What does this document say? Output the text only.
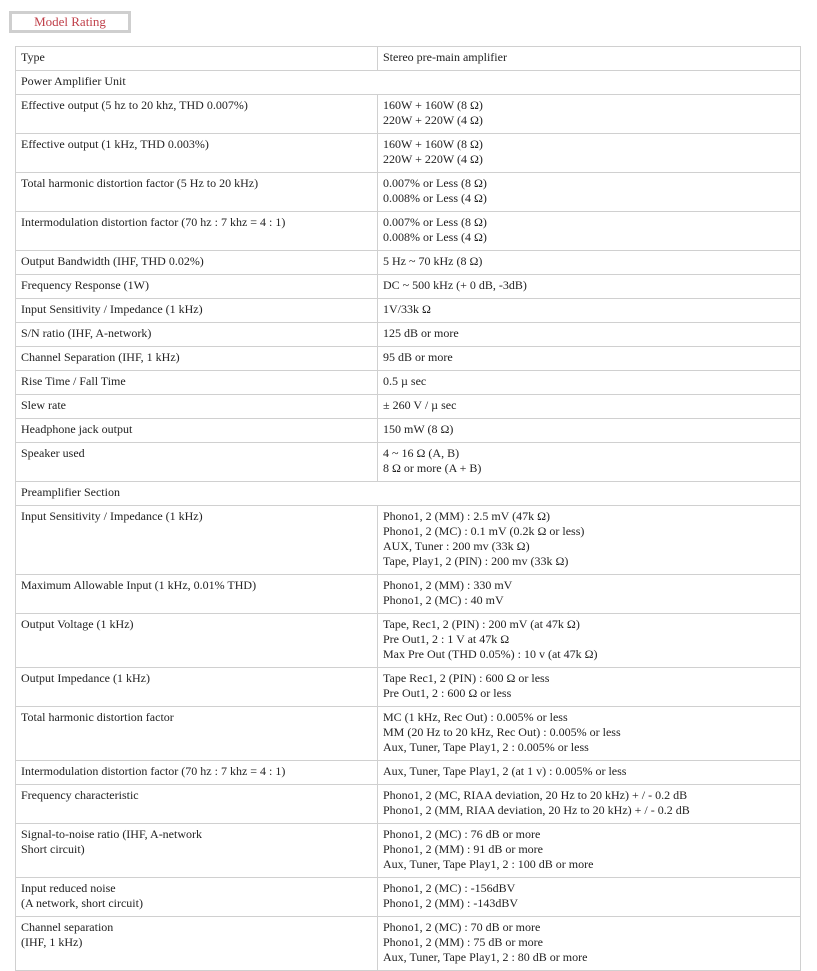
Model Rating
Type	Stereo pre-main amplifier

Power Amplifier Unit	

Effective output (5 hz to 20 khz, THD 0.007%)	160W + 160W (8 Ω)
220W + 220W (4 Ω)

Effective output (1 kHz, THD 0.003%)	160W + 160W (8 Ω)
220W + 220W (4 Ω)

Total harmonic distortion factor (5 Hz to 20 kHz)	0.007% or Less (8 Ω)
0.008% or Less (4 Ω)

Intermodulation distortion factor (70 hz : 7 khz = 4 : 1)	0.007% or Less (8 Ω)
0.008% or Less (4 Ω)

Output Bandwidth (IHF, THD 0.02%)	5 Hz ~ 70 kHz (8 Ω)

Frequency Response (1W)	DC ~ 500 kHz (+ 0 dB, -3dB)

Input Sensitivity / Impedance (1 kHz)	1V/33k Ω

S/N ratio (IHF, A-network)	125 dB or more

Channel Separation (IHF, 1 kHz)	95 dB or more

Rise Time / Fall Time	0.5 µ sec

Slew rate	± 260 V / µ sec

Headphone jack output	150 mW (8 Ω)

Speaker used	4 ~ 16 Ω (A, B)
8 Ω or more (A + B)

Preamplifier Section	

Input Sensitivity / Impedance (1 kHz)	Phono1, 2 (MM) : 2.5 mV (47k Ω)
Phono1, 2 (MC) : 0.1 mV (0.2k Ω or less)
AUX, Tuner : 200 mv (33k Ω)
Tape, Play1, 2 (PIN) : 200 mv (33k Ω)

Maximum Allowable Input (1 kHz, 0.01% THD)	Phono1, 2 (MM) : 330 mV
Phono1, 2 (MC) : 40 mV

Output Voltage (1 kHz)	Tape, Rec1, 2 (PIN) : 200 mV (at 47k Ω)
Pre Out1, 2 : 1 V at 47k Ω
Max Pre Out (THD 0.05%) : 10 v (at 47k Ω)

Output Impedance (1 kHz)	Tape Rec1, 2 (PIN) : 600 Ω or less
Pre Out1, 2 : 600 Ω or less

Total harmonic distortion factor	MC (1 kHz, Rec Out) : 0.005% or less
MM (20 Hz to 20 kHz, Rec Out) : 0.005% or less
Aux, Tuner, Tape Play1, 2 : 0.005% or less

Intermodulation distortion factor (70 hz : 7 khz = 4 : 1)	Aux, Tuner, Tape Play1, 2 (at 1 v) : 0.005% or less

Frequency characteristic	Phono1, 2 (MC, RIAA deviation, 20 Hz to 20 kHz) + / - 0.2 dB
Phono1, 2 (MM, RIAA deviation, 20 Hz to 20 kHz) + / - 0.2 dB

Signal-to-noise ratio (IHF, A-network
Short circuit)	Phono1, 2 (MC) : 76 dB or more
Phono1, 2 (MM) : 91 dB or more
Aux, Tuner, Tape Play1, 2 : 100 dB or more

Input reduced noise
(A network, short circuit)	Phono1, 2 (MC) : -156dBV
Phono1, 2 (MM) : -143dBV

Channel separation
(IHF, 1 kHz)	Phono1, 2 (MC) : 70 dB or more
Phono1, 2 (MM) : 75 dB or more
Aux, Tuner, Tape Play1, 2 : 80 dB or more
